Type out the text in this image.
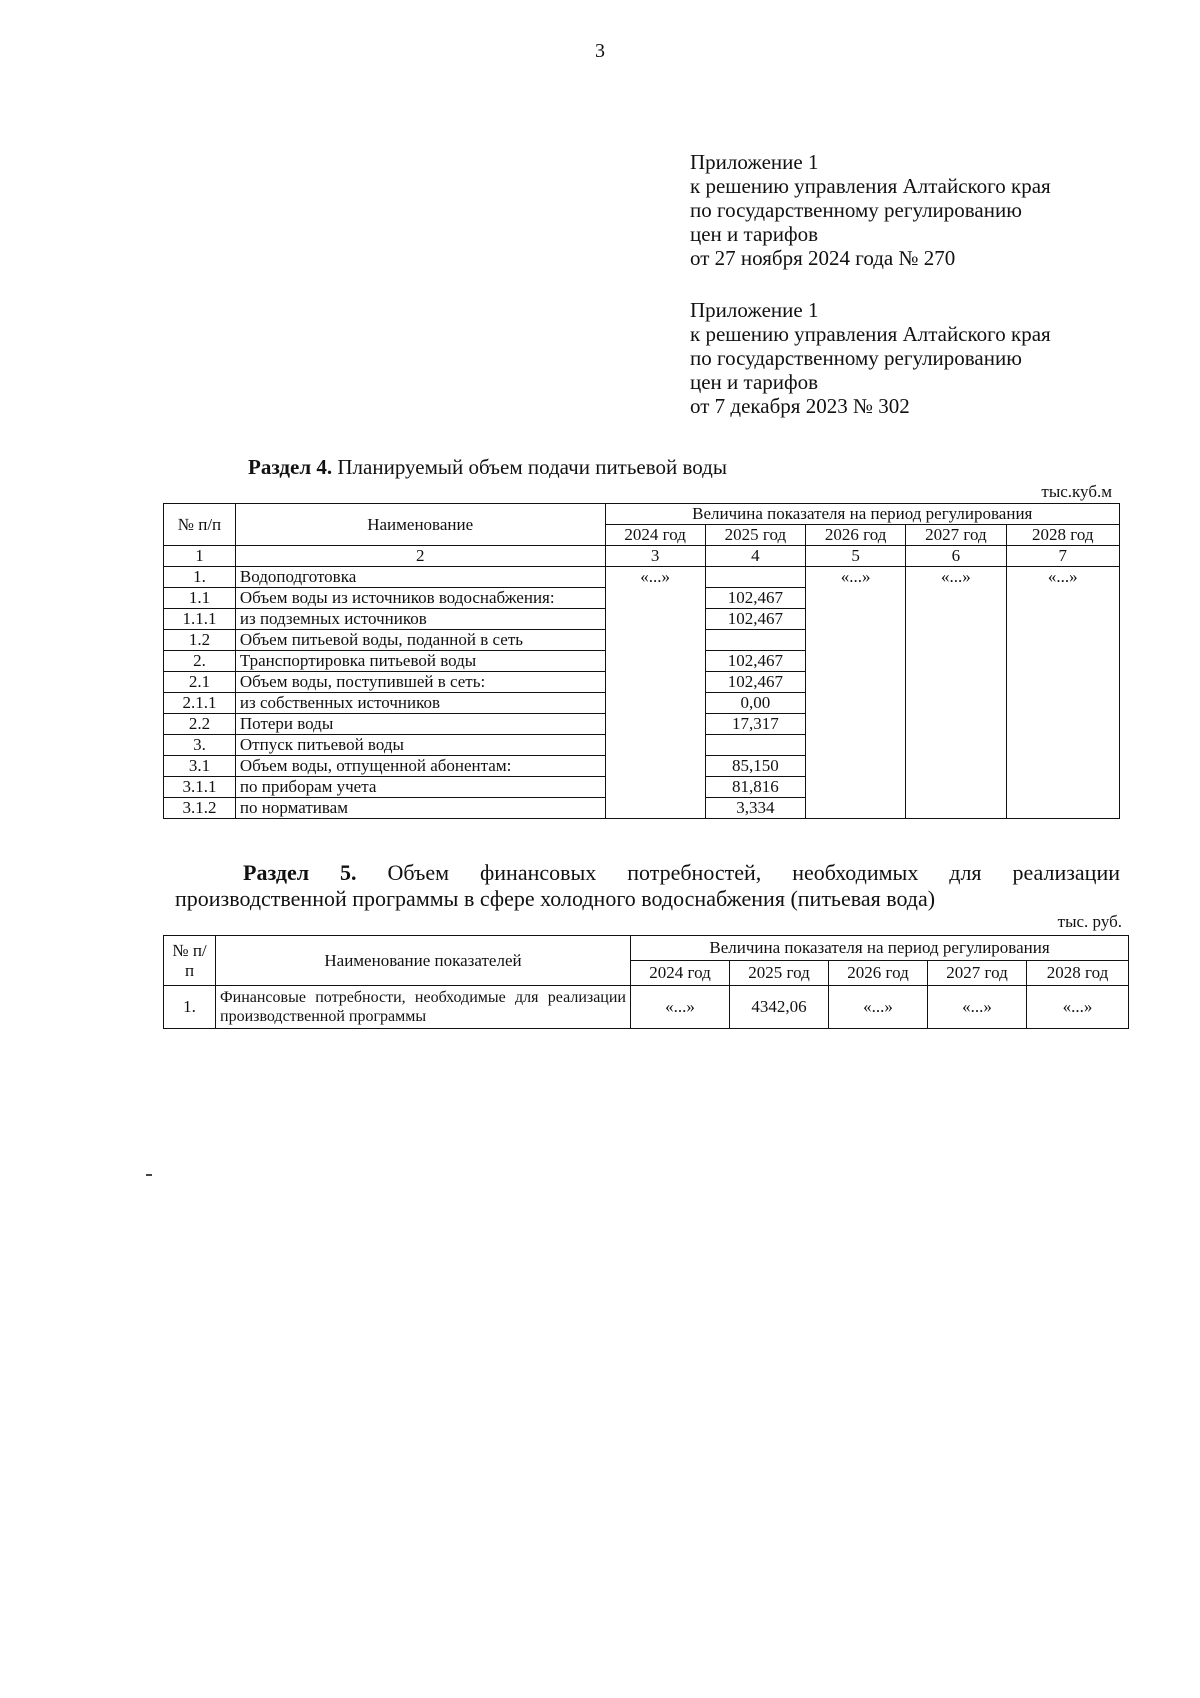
3
Приложение 1
к решению управления Алтайского края
по государственному регулированию
цен и тарифов
от 27 ноября 2024 года № 270
Приложение 1
к решению управления Алтайского края
по государственному регулированию
цен и тарифов
от 7 декабря 2023 № 302
Раздел 4. Планируемый объем подачи питьевой воды
тыс.куб.м
№ п/п	Наименование	Величина показателя на период регулирования				
		2024 год	2025 год	2026 год	2027 год	2028 год
1	2	3	4	5	6	7
1.	Водоподготовка	«...»		«...»	«...»	«...»
1.1	Объем воды из источников водоснабжения:		102,467			
1.1.1	из подземных источников		102,467			
1.2	Объем питьевой воды, поданной в сеть					
2.	Транспортировка питьевой воды		102,467			
2.1	Объем воды, поступившей в сеть:		102,467			
2.1.1	из собственных источников		0,00			
2.2	Потери воды		17,317			
3.	Отпуск питьевой воды					
3.1	Объем воды, отпущенной абонентам:		85,150			
3.1.1	по приборам учета		81,816			
3.1.2	по нормативам		3,334			
Раздел 5. Объем финансовых потребностей, необходимых для реализации
производственной программы в сфере холодного водоснабжения (питьевая вода)
тыс. руб.
№ п/п	Наименование показателей	Величина показателя на период регулирования				
		2024 год	2025 год	2026 год	2027 год	2028 год
1.	Финансовые потребности, необходимые для реализации производственной программы	«...»	4342,06	«...»	«...»	«...»
